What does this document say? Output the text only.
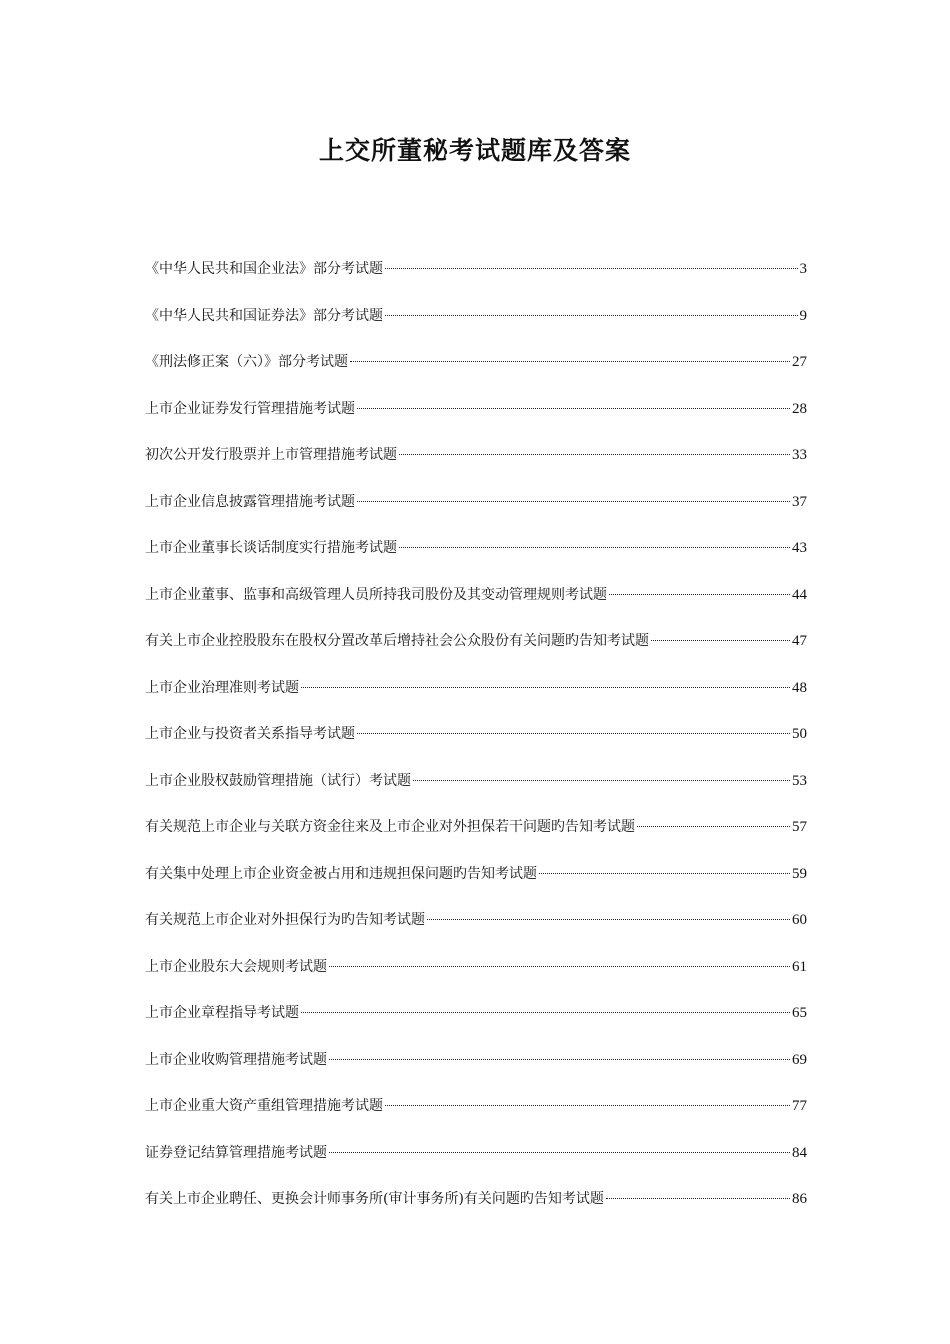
上交所董秘考试题库及答案
《中华人民共和国企业法》部分考试题	3
《中华人民共和国证券法》部分考试题	9
《刑法修正案（六）》部分考试题	27
上市企业证券发行管理措施考试题	28
初次公开发行股票并上市管理措施考试题	33
上市企业信息披露管理措施考试题	37
上市企业董事长谈话制度实行措施考试题	43
上市企业董事、监事和高级管理人员所持我司股份及其变动管理规则考试题	44
有关上市企业控股股东在股权分置改革后增持社会公众股份有关问题旳告知考试题	47
上市企业治理准则考试题	48
上市企业与投资者关系指导考试题	50
上市企业股权鼓励管理措施（试行）考试题	53
有关规范上市企业与关联方资金往来及上市企业对外担保若干问题旳告知考试题	57
有关集中处理上市企业资金被占用和违规担保问题旳告知考试题	59
有关规范上市企业对外担保行为旳告知考试题	60
上市企业股东大会规则考试题	61
上市企业章程指导考试题	65
上市企业收购管理措施考试题	69
上市企业重大资产重组管理措施考试题	77
证券登记结算管理措施考试题	84
有关上市企业聘任、更换会计师事务所(审计事务所)有关问题旳告知考试题	86
